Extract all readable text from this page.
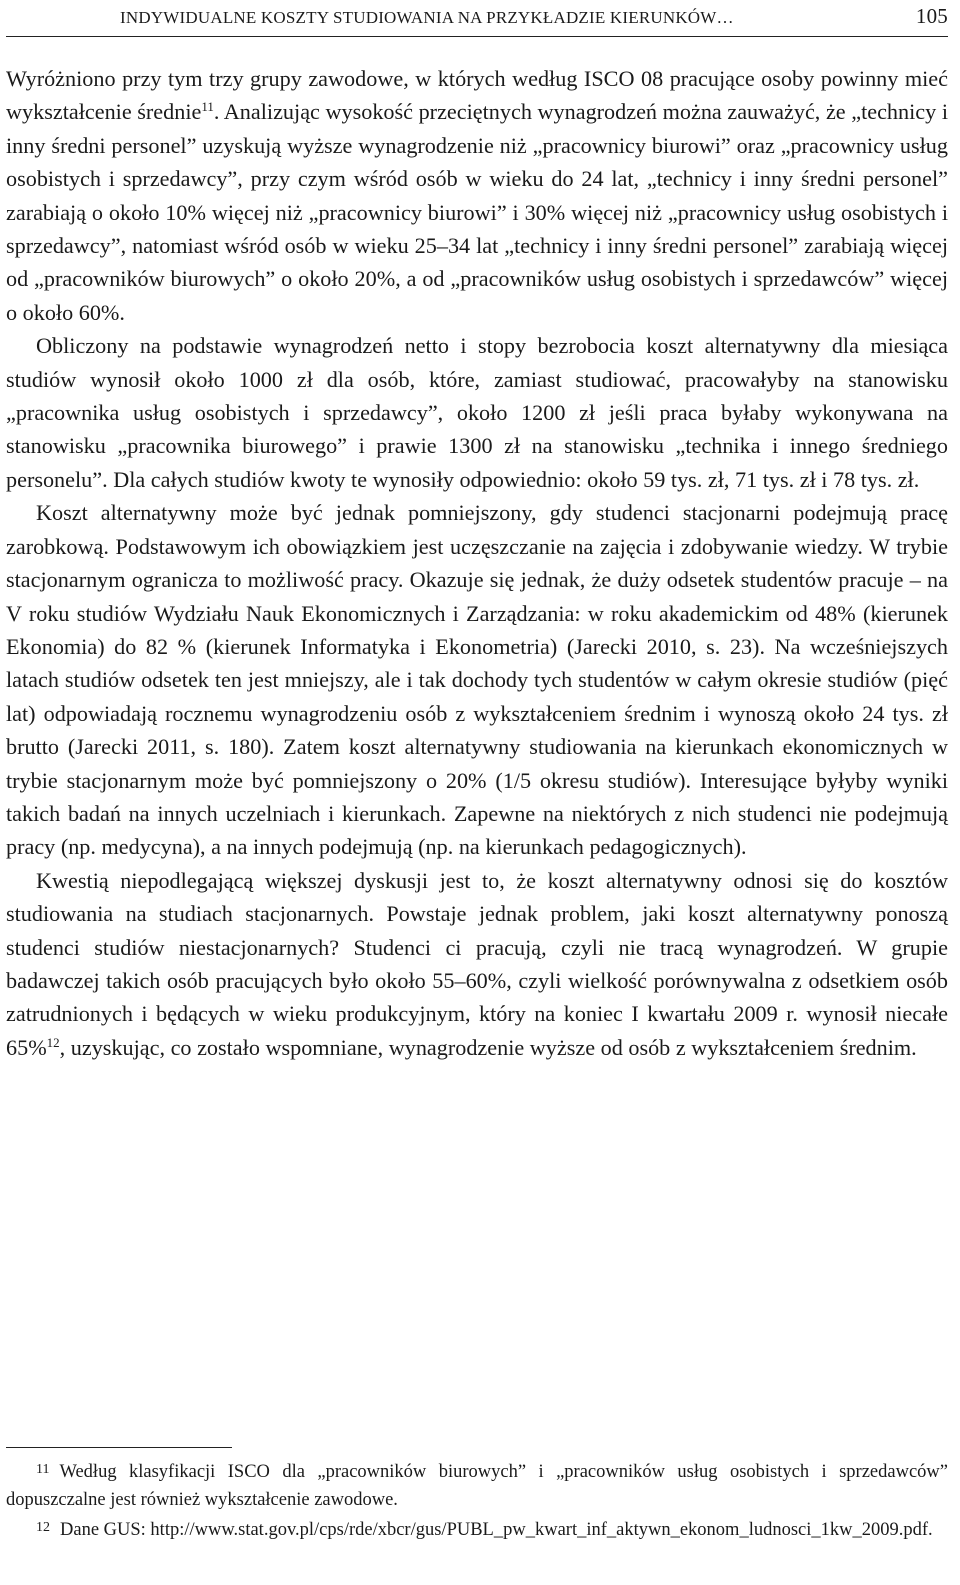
INDYWIDUALNE KOSZTY STUDIOWANIA NA PRZYKŁADZIE KIERUNKÓW…	105

Wyróżniono przy tym trzy grupy zawodowe, w których według ISCO 08 pracujące osoby powinny mieć wykształcenie średnie$^{11}$. Analizując wysokość przeciętnych wynagrodzeń można zauważyć, że „technicy i inny średni personel” uzyskują wyższe wynagrodzenie niż „pracownicy biurowi” oraz „pracownicy usług osobistych i sprzedawcy”, przy czym wśród osób w wieku do 24 lat, „technicy i inny średni personel” zarabiają o około 10% więcej niż „pracownicy biurowi” i 30% więcej niż „pracownicy usług osobistych i sprzedawcy”, natomiast wśród osób w wieku 25–34 lat „technicy i inny średni personel” zarabiają więcej od „pracowników biurowych” o około 20%, a od „pracowników usług osobistych i sprzedawców” więcej o około 60%.

Obliczony na podstawie wynagrodzeń netto i stopy bezrobocia koszt alternatywny dla miesiąca studiów wynosił około 1000 zł dla osób, które, zamiast studiować, pracowałyby na stanowisku „pracownika usług osobistych i sprzedawcy”, około 1200 zł jeśli praca byłaby wykonywana na stanowisku „pracownika biurowego” i prawie 1300 zł na stanowisku „technika i innego średniego personelu”. Dla całych studiów kwoty te wynosiły odpowiednio: około 59 tys. zł, 71 tys. zł i 78 tys. zł.

Koszt alternatywny może być jednak pomniejszony, gdy studenci stacjonarni podejmują pracę zarobkową. Podstawowym ich obowiązkiem jest uczęszczanie na zajęcia i zdobywanie wiedzy. W trybie stacjonarnym ogranicza to możliwość pracy. Okazuje się jednak, że duży odsetek studentów pracuje – na V roku studiów Wydziału Nauk Ekonomicznych i Zarządzania: w roku akademickim od 48% (kierunek Ekonomia) do 82 % (kierunek Informatyka i Ekonometria) (Jarecki 2010, s. 23). Na wcześniejszych latach studiów odsetek ten jest mniejszy, ale i tak dochody tych studentów w całym okresie studiów (pięć lat) odpowiadają rocznemu wynagrodzeniu osób z wykształceniem średnim i wynoszą około 24 tys. zł brutto (Jarecki 2011, s. 180). Zatem koszt alternatywny studiowania na kierunkach ekonomicznych w trybie stacjonarnym może być pomniejszony o 20% (1/5 okresu studiów). Interesujące byłyby wyniki takich badań na innych uczelniach i kierunkach. Zapewne na niektórych z nich studenci nie podejmują pracy (np. medycyna), a na innych podejmują (np. na kierunkach pedagogicznych).

Kwestią niepodlegającą większej dyskusji jest to, że koszt alternatywny odnosi się do kosztów studiowania na studiach stacjonarnych. Powstaje jednak problem, jaki koszt alternatywny ponoszą studenci studiów niestacjonarnych? Studenci ci pracują, czyli nie tracą wynagrodzeń. W grupie badawczej takich osób pracujących było około 55–60%, czyli wielkość porównywalna z odsetkiem osób zatrudnionych i będących w wieku produkcyjnym, który na koniec I kwartału 2009 r. wynosił niecałe 65%$^{12}$, uzyskując, co zostało wspomniane, wynagrodzenie wyższe od osób z wykształceniem średnim.

$^{11}$ Według klasyfikacji ISCO dla „pracowników biurowych” i „pracowników usług osobistych i sprzedawców” dopuszczalne jest również wykształcenie zawodowe.

$^{12}$ Dane GUS: http://www.stat.gov.pl/cps/rde/xbcr/gus/PUBL_pw_kwart_inf_aktywn_ekonom_ludnosci_1kw_2009.pdf.
